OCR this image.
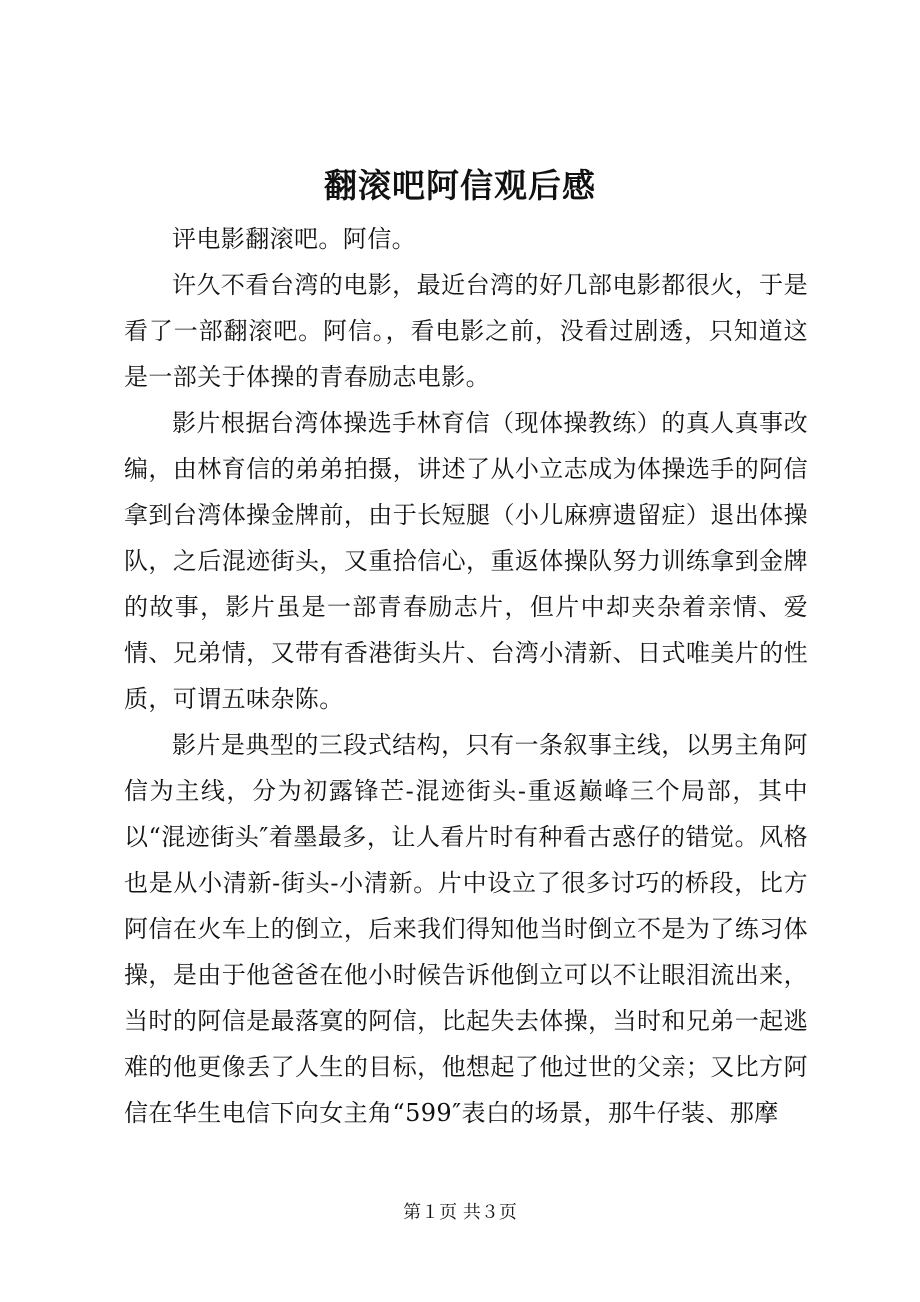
翻滚吧阿信观后感

评电影翻滚吧。阿信。

许久不看台湾的电影，最近台湾的好几部电影都很火，于是看了一部翻滚吧。阿信。，看电影之前，没看过剧透，只知道这是一部关于体操的青春励志电影。

影片根据台湾体操选手林育信（现体操教练）的真人真事改编，由林育信的弟弟拍摄，讲述了从小立志成为体操选手的阿信拿到台湾体操金牌前，由于长短腿（小儿麻痹遗留症）退出体操队，之后混迹街头，又重拾信心，重返体操队努力训练拿到金牌的故事，影片虽是一部青春励志片，但片中却夹杂着亲情、爱情、兄弟情，又带有香港街头片、台湾小清新、日式唯美片的性质，可谓五味杂陈。

影片是典型的三段式结构，只有一条叙事主线，以男主角阿信为主线，分为初露锋芒-混迹街头-重返巅峰三个局部，其中以“混迹街头″着墨最多，让人看片时有种看古惑仔的错觉。风格也是从小清新-街头-小清新。片中设立了很多讨巧的桥段，比方阿信在火车上的倒立，后来我们得知他当时倒立不是为了练习体操，是由于他爸爸在他小时候告诉他倒立可以不让眼泪流出来，当时的阿信是最落寞的阿信，比起失去体操，当时和兄弟一起逃难的他更像丢了人生的目标，他想起了他过世的父亲；又比方阿信在华生电信下向女主角“599″表白的场景，那牛仔装、那摩

第１页 共３页
